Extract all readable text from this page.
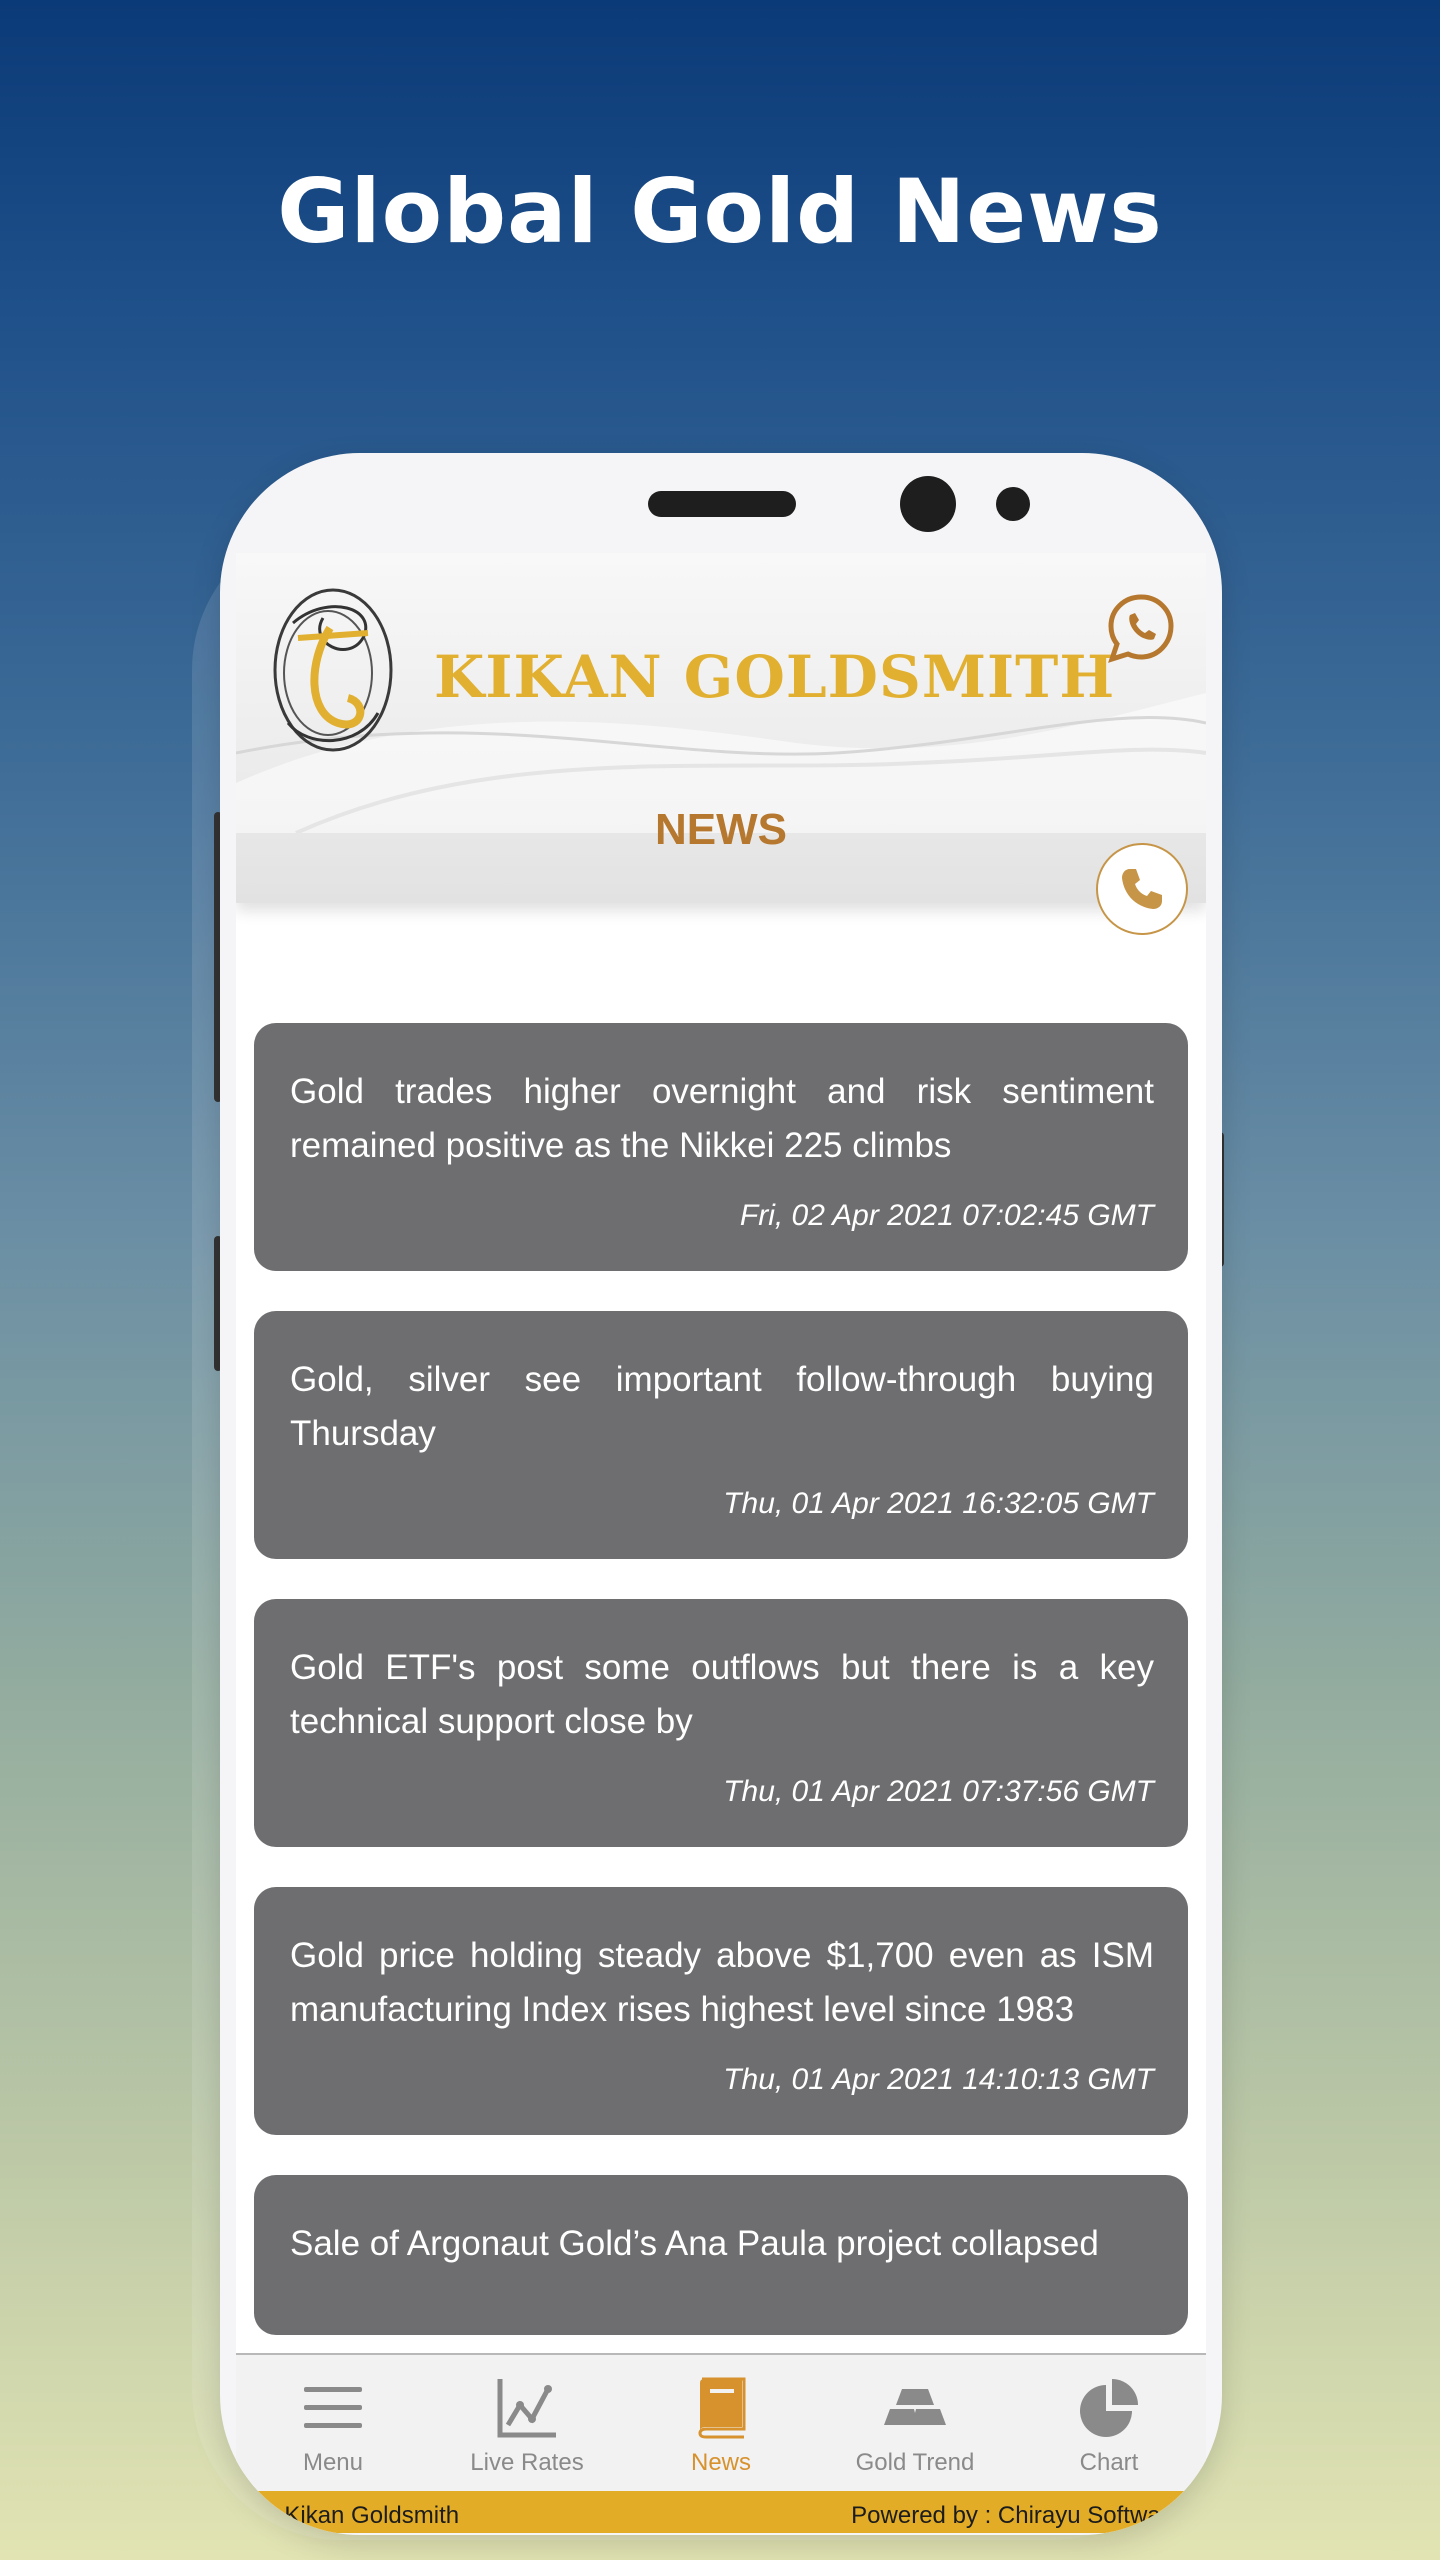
Global Gold News
KIKAN GOLDSMITH
NEWS

Gold trades higher overnight and risk sentiment remained positive as the Nikkei 225 climbs

Fri, 02 Apr 2021 07:02:45 GMT

Gold, silver see important follow-through buying Thursday

Thu, 01 Apr 2021 16:32:05 GMT

Gold ETF's post some outflows but there is a key technical support close by

Thu, 01 Apr 2021 07:37:56 GMT

Gold price holding steady above $1,700 even as ISM manufacturing Index rises highest level since 1983

Thu, 01 Apr 2021 14:10:13 GMT

Sale of Argonaut Gold’s Ana Paula project collapsed

Menu	Live Rates	News	Gold Trend	Chart
© Kikan Goldsmith	Powered by : Chirayu Software
